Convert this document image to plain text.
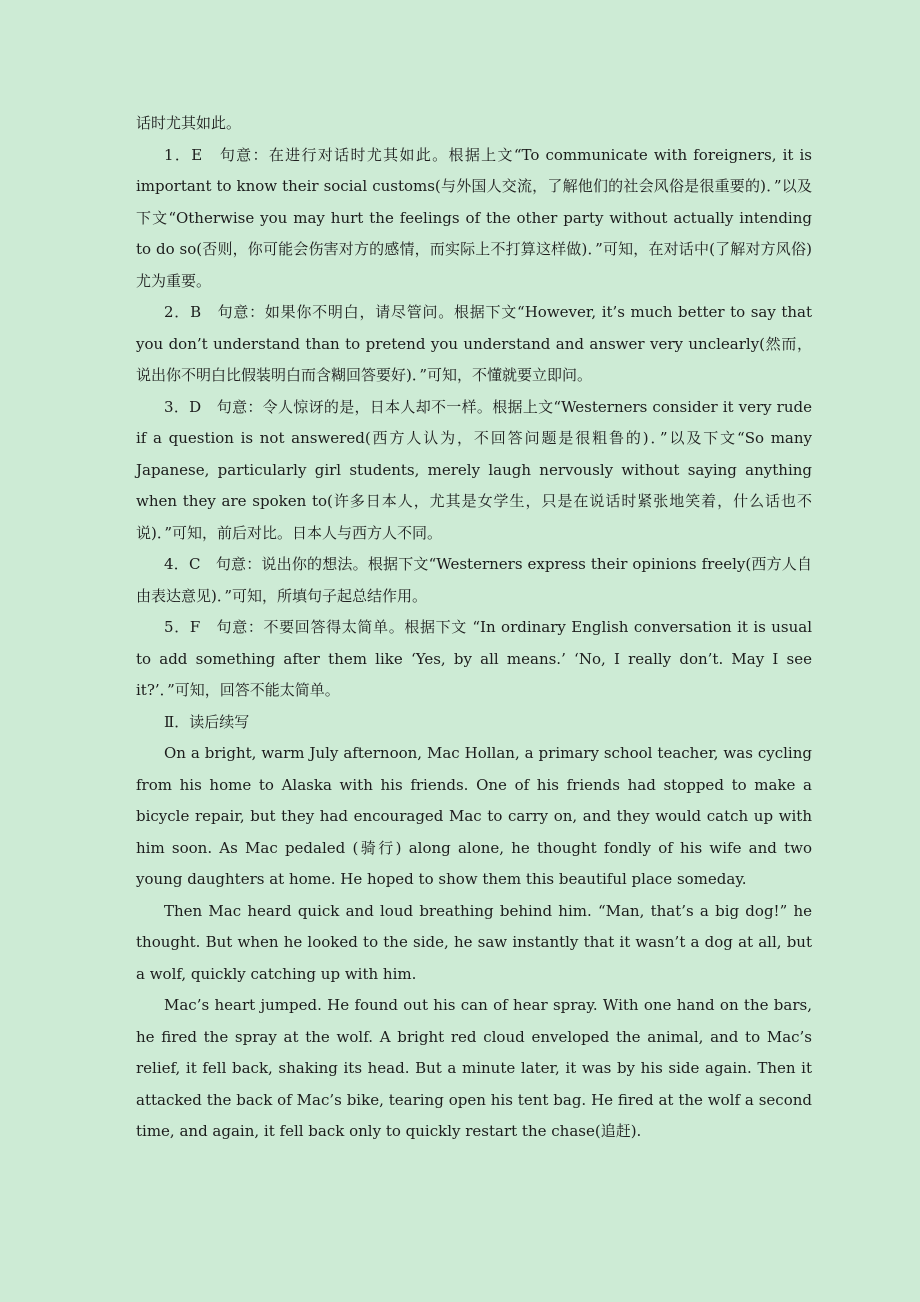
话时尤其如此。

1．E　句意：在进行对话时尤其如此。根据上文“To communicate with foreigners, it is important to know their social customs(与外国人交流，了解他们的社会风俗是很重要的)．”以及下文“Otherwise you may hurt the feelings of the other party without actually intending to do so(否则，你可能会伤害对方的感情，而实际上不打算这样做)．”可知，在对话中(了解对方风俗)尤为重要。

2．B　句意：如果你不明白，请尽管问。根据下文“However, it’s much better to say that you don’t understand than to pretend you understand and answer very unclearly(然而，说出你不明白比假装明白而含糊回答要好)．”可知，不懂就要立即问。

3．D　句意：令人惊讶的是，日本人却不一样。根据上文“Westerners consider it very rude if a question is not answered(西方人认为，不回答问题是很粗鲁的)．”以及下文“So many Japanese, particularly girl students, merely laugh nervously without saying anything when they are spoken to(许多日本人，尤其是女学生，只是在说话时紧张地笑着，什么话也不说)．”可知，前后对比。日本人与西方人不同。

4．C　句意：说出你的想法。根据下文“Westerners express their opinions freely(西方人自由表达意见)．”可知，所填句子起总结作用。

5．F　句意：不要回答得太简单。根据下文 “In ordinary English conversation it is usual to add something after them like ‘Yes, by all means.’ ‘No, I really don’t. May I see it?’．”可知，回答不能太简单。

Ⅱ．读后续写

On a bright, warm July afternoon, Mac Hollan, a primary school teacher, was cycling from his home to Alaska with his friends. One of his friends had stopped to make a bicycle repair, but they had encouraged Mac to carry on, and they would catch up with him soon. As Mac pedaled (骑行) along alone, he thought fondly of his wife and two young daughters at home. He hoped to show them this beautiful place someday.

Then Mac heard quick and loud breathing behind him. “Man, that’s a big dog!” he thought. But when he looked to the side, he saw instantly that it wasn’t a dog at all, but a wolf, quickly catching up with him.

Mac’s heart jumped. He found out his can of hear spray. With one hand on the bars, he fired the spray at the wolf. A bright red cloud enveloped the animal, and to Mac’s relief, it fell back, shaking its head. But a minute later, it was by his side again. Then it attacked the back of Mac’s bike, tearing open his tent bag. He fired at the wolf a second time, and again, it fell back only to quickly restart the chase(追赶).
